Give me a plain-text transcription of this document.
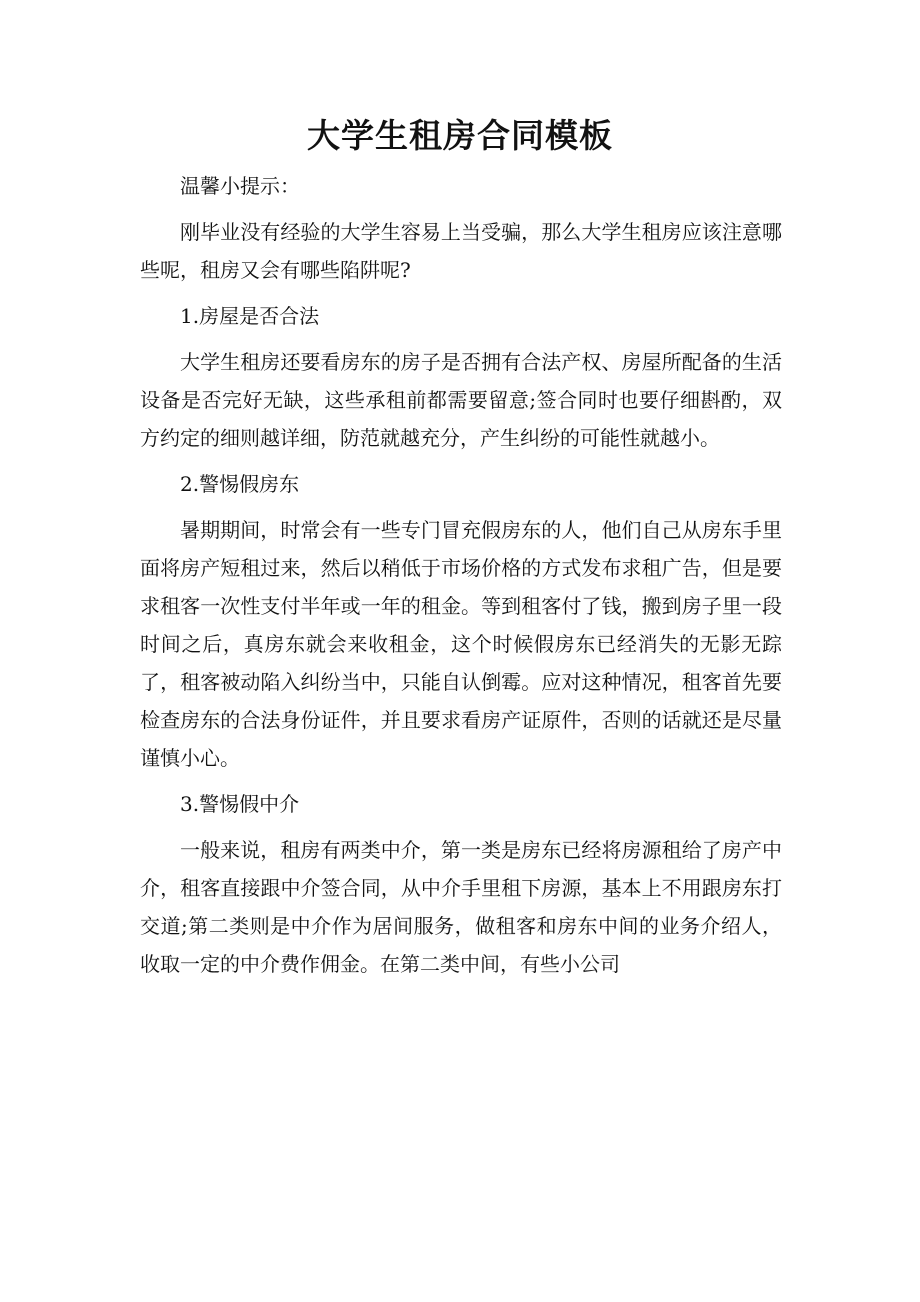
大学生租房合同模板

温馨小提示：

刚毕业没有经验的大学生容易上当受骗，那么大学生租房应该注意哪些呢，租房又会有哪些陷阱呢?

1.房屋是否合法

大学生租房还要看房东的房子是否拥有合法产权、房屋所配备的生活设备是否完好无缺，这些承租前都需要留意;签合同时也要仔细斟酌，双方约定的细则越详细，防范就越充分，产生纠纷的可能性就越小。

2.警惕假房东

暑期期间，时常会有一些专门冒充假房东的人，他们自己从房东手里面将房产短租过来，然后以稍低于市场价格的方式发布求租广告，但是要求租客一次性支付半年或一年的租金。等到租客付了钱，搬到房子里一段时间之后，真房东就会来收租金，这个时候假房东已经消失的无影无踪了，租客被动陷入纠纷当中，只能自认倒霉。应对这种情况，租客首先要检查房东的合法身份证件，并且要求看房产证原件，否则的话就还是尽量谨慎小心。

3.警惕假中介

一般来说，租房有两类中介，第一类是房东已经将房源租给了房产中介，租客直接跟中介签合同，从中介手里租下房源，基本上不用跟房东打交道;第二类则是中介作为居间服务，做租客和房东中间的业务介绍人，收取一定的中介费作佣金。在第二类中间，有些小公司
